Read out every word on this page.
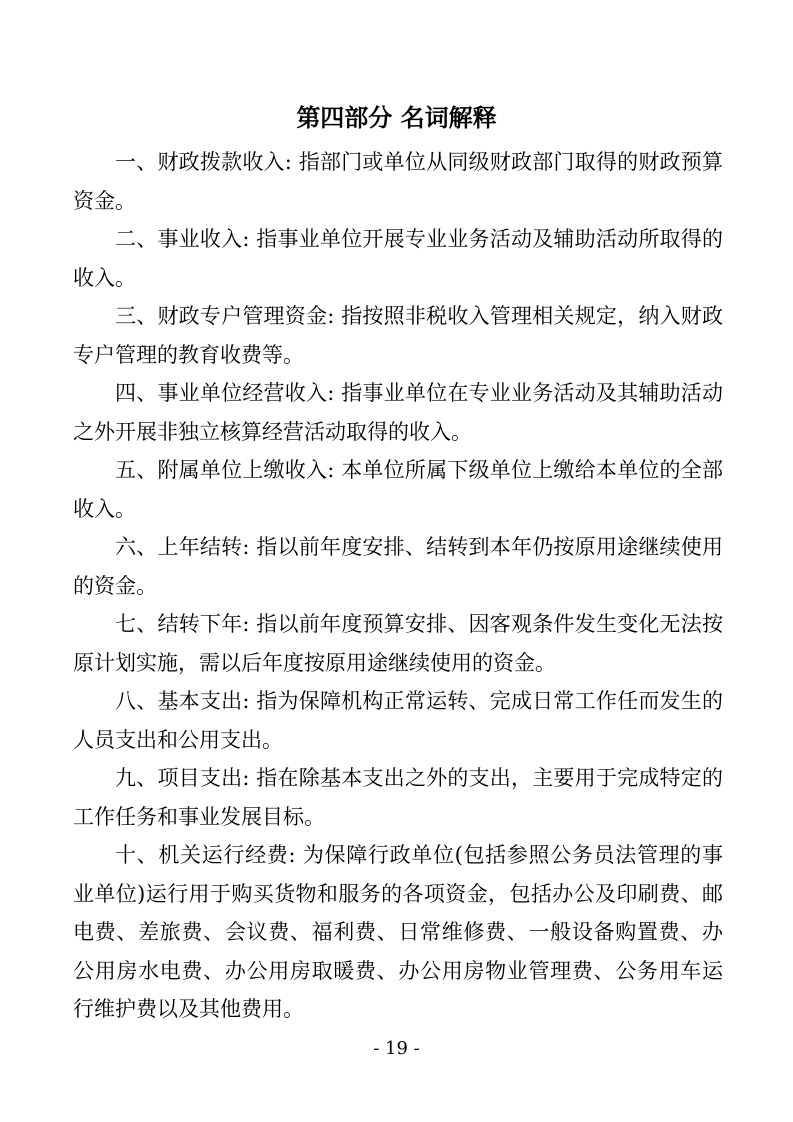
第四部分 名词解释

一、财政拨款收入: 指部门或单位从同级财政部门取得的财政预算资金。

二、事业收入: 指事业单位开展专业业务活动及辅助活动所取得的收入。

三、财政专户管理资金: 指按照非税收入管理相关规定，纳入财政专户管理的教育收费等。

四、事业单位经营收入: 指事业单位在专业业务活动及其辅助活动之外开展非独立核算经营活动取得的收入。

五、附属单位上缴收入: 本单位所属下级单位上缴给本单位的全部收入。

六、上年结转: 指以前年度安排、结转到本年仍按原用途继续使用的资金。

七、结转下年: 指以前年度预算安排、因客观条件发生变化无法按原计划实施，需以后年度按原用途继续使用的资金。

八、基本支出: 指为保障机构正常运转、完成日常工作任而发生的人员支出和公用支出。

九、项目支出: 指在除基本支出之外的支出，主要用于完成特定的工作任务和事业发展目标。

十、机关运行经费: 为保障行政单位(包括参照公务员法管理的事业单位)运行用于购买货物和服务的各项资金，包括办公及印刷费、邮电费、差旅费、会议费、福利费、日常维修费、一般设备购置费、办公用房水电费、办公用房取暖费、办公用房物业管理费、公务用车运行维护费以及其他费用。

- 19 -
